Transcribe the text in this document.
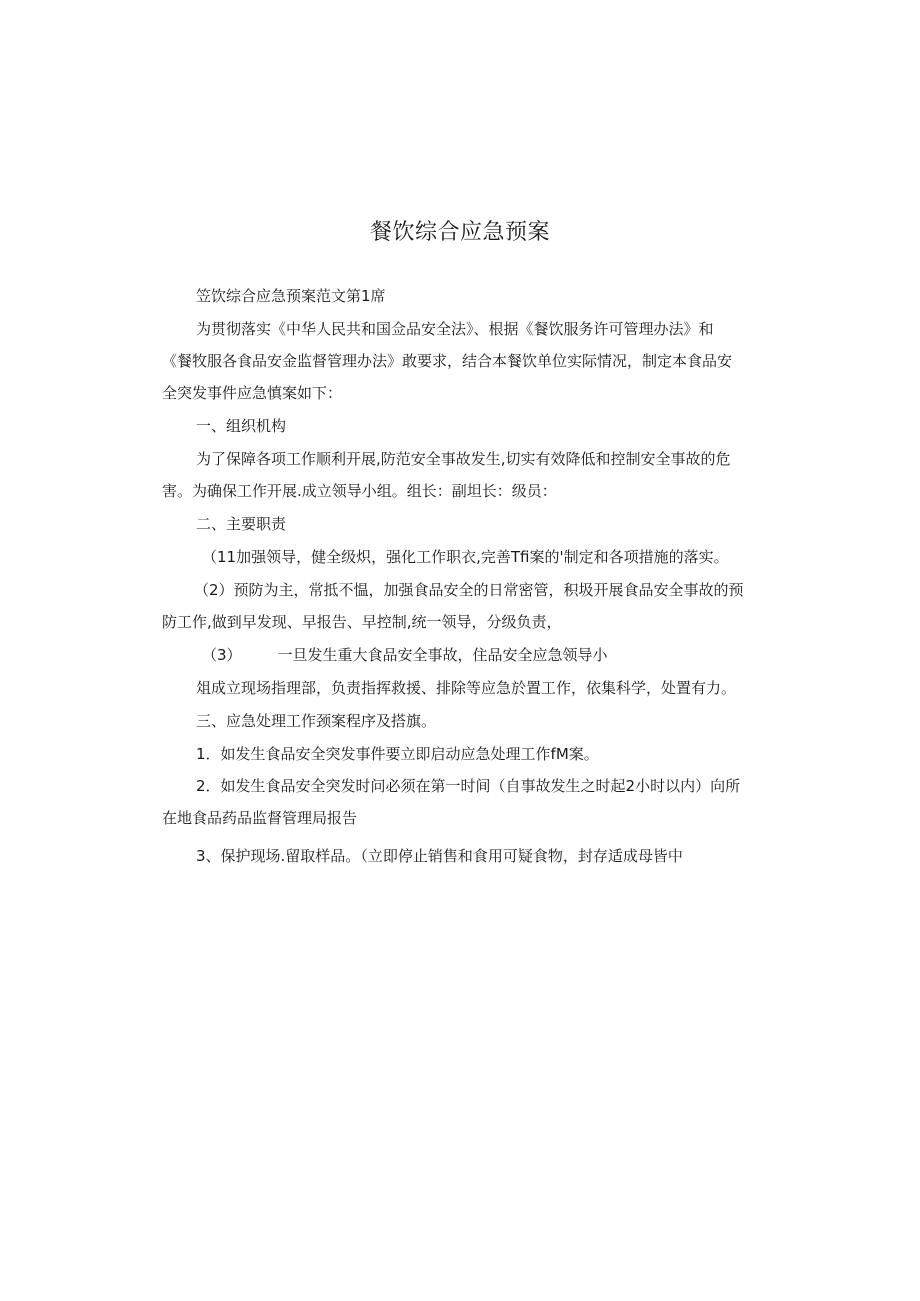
餐饮综合应急预案
笠饮综合应急预案范文第1席
为贯彻落实《中华人民共和国佥品安全法》、根据《餐饮服务许可管理办法》和
《餐牧服各食品安金监督管理办法》敢要求，结合本餐饮单位实际情况，制定本食品安
全突发事件应急慎案如下：
一、组织机构
为了保障各项工作顺利开展,防范安全事故发生,切实有效降低和控制安全事故的危
害。为确保工作开展.成立领导小组。组长：副坦长：级员：
二、主要职责
（11加强领导，健全级炽，强化工作职衣,完善Tfi案的'制定和各项措施的落实。
（2）预防为主，常抵不愠，加强食品安全的日常密管，积圾开展食品安全事故的预
防工作,做到早发现、早报告、早控制,统一领导，分级负责，
（3） 一旦发生重大食品安全事故，住品安全应急领导小
俎成立现场指理部，负责指挥救援、排除等应急於置工作，依集科学，处置有力。
三、应急处理工作颈案程序及搭旗。
1．如发生食品安全突发事件要立即启动应急处理工作fM案。
2．如发生食品安全突发时问必须在第一时间（自事故发生之时起2小时以内）向所
在地食品药品监督管理局报告
3、保护现场.留取样品。（立即停止销售和食用可疑食物，封存适成母皆中
